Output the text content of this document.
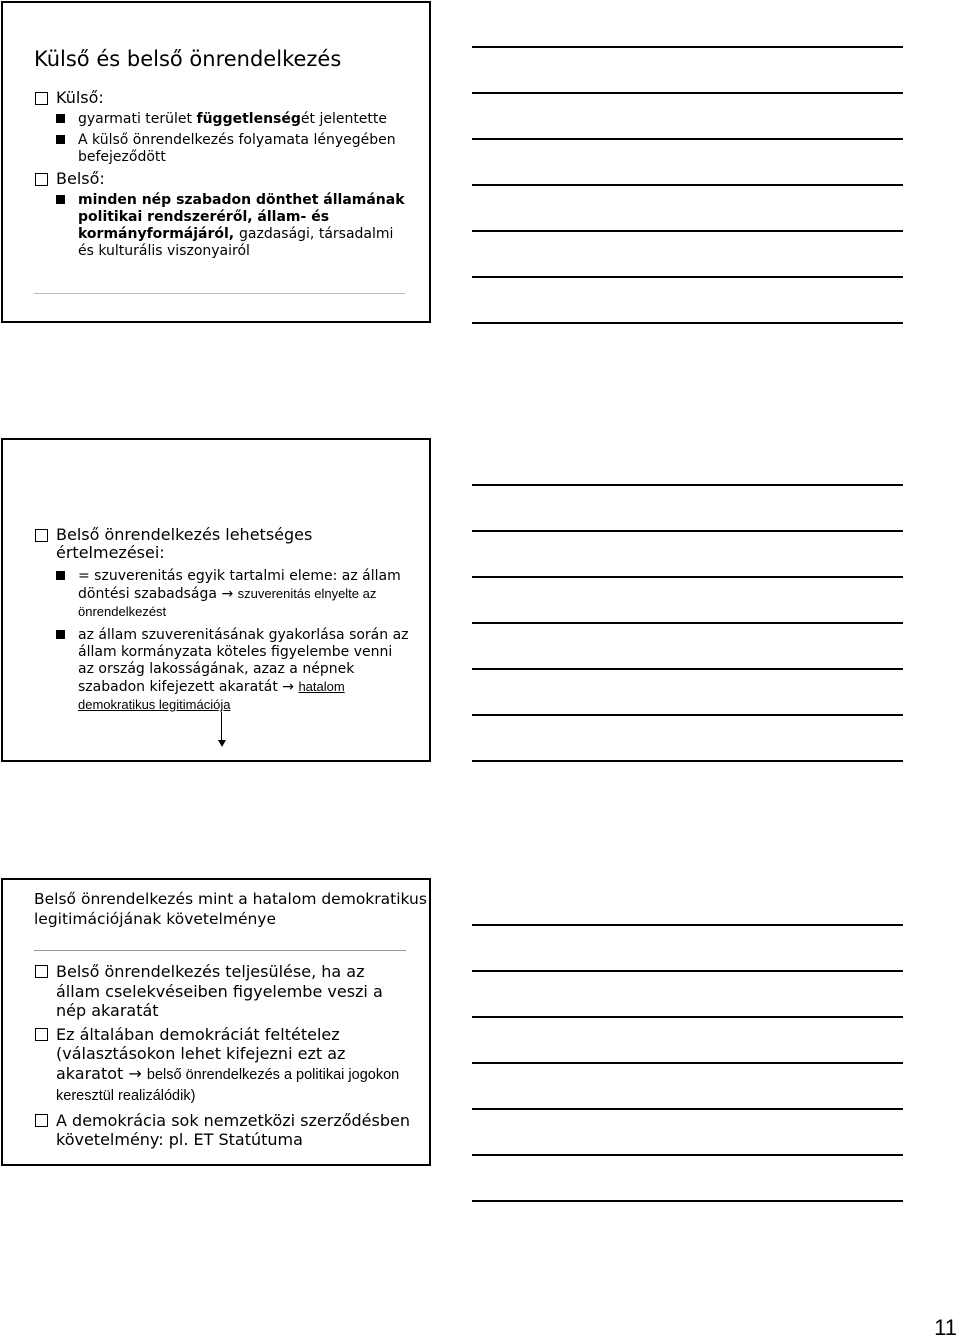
Külső és belső önrendelkezés
Külső:
gyarmati terület függetlenségét jelentette
A külső önrendelkezés folyamata lényegében befejeződött
Belső:
minden nép szabadon dönthet államának politikai rendszeréről, állam- és kormányformájáról, gazdasági, társadalmi és kulturális viszonyairól
Belső önrendelkezés lehetséges értelmezései:
= szuverenitás egyik tartalmi eleme: az állam döntési szabadsága → szuverenitás elnyelte az önrendelkezést
az állam szuverenitásának gyakorlása során az állam kormányzata köteles figyelembe venni az ország lakosságának, azaz a népnek szabadon kifejezett akaratát → hatalom demokratikus legitimációja
Belső önrendelkezés mint a hatalom demokratikus legitimációjának követelménye
Belső önrendelkezés teljesülése, ha az állam cselekvéseiben figyelembe veszi a nép akaratát
Ez általában demokráciát feltételez (választásokon lehet kifejezni ezt az akaratot → belső önrendelkezés a politikai jogokon keresztül realizálódik)
A demokrácia sok nemzetközi szerződésben követelmény: pl. ET Statútuma
11
